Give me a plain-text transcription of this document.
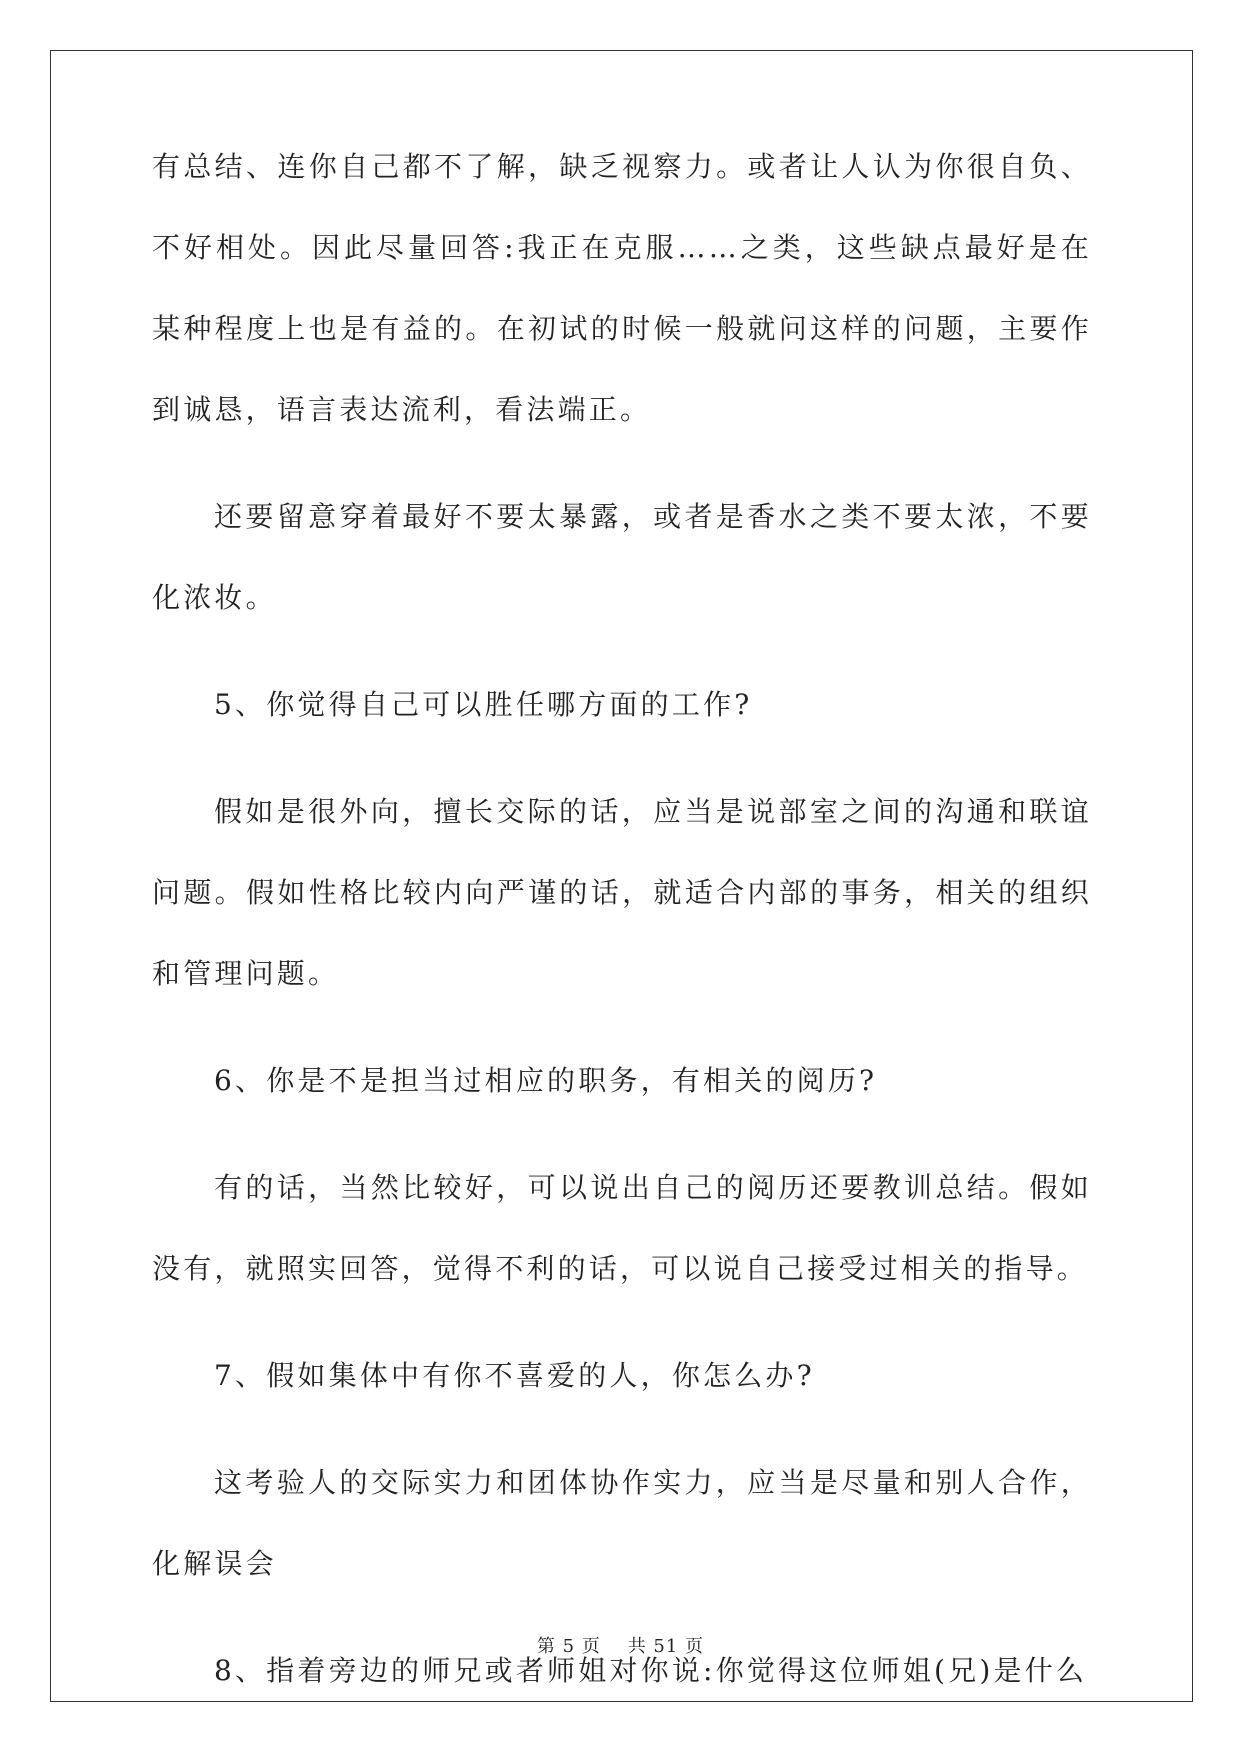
有总结、连你自己都不了解，缺乏视察力。或者让人认为你很自负、不好相处。因此尽量回答:我正在克服……之类，这些缺点最好是在某种程度上也是有益的。在初试的时候一般就问这样的问题，主要作到诚恳，语言表达流利，看法端正。

还要留意穿着最好不要太暴露，或者是香水之类不要太浓，不要化浓妆。

5、你觉得自己可以胜任哪方面的工作?

假如是很外向，擅长交际的话，应当是说部室之间的沟通和联谊问题。假如性格比较内向严谨的话，就适合内部的事务，相关的组织和管理问题。

6、你是不是担当过相应的职务，有相关的阅历?

有的话，当然比较好，可以说出自己的阅历还要教训总结。假如没有，就照实回答，觉得不利的话，可以说自己接受过相关的指导。

7、假如集体中有你不喜爱的人，你怎么办?

这考验人的交际实力和团体协作实力，应当是尽量和别人合作，化解误会

8、指着旁边的师兄或者师姐对你说:你觉得这位师姐(兄)是什么

第 5 页    共 51 页
